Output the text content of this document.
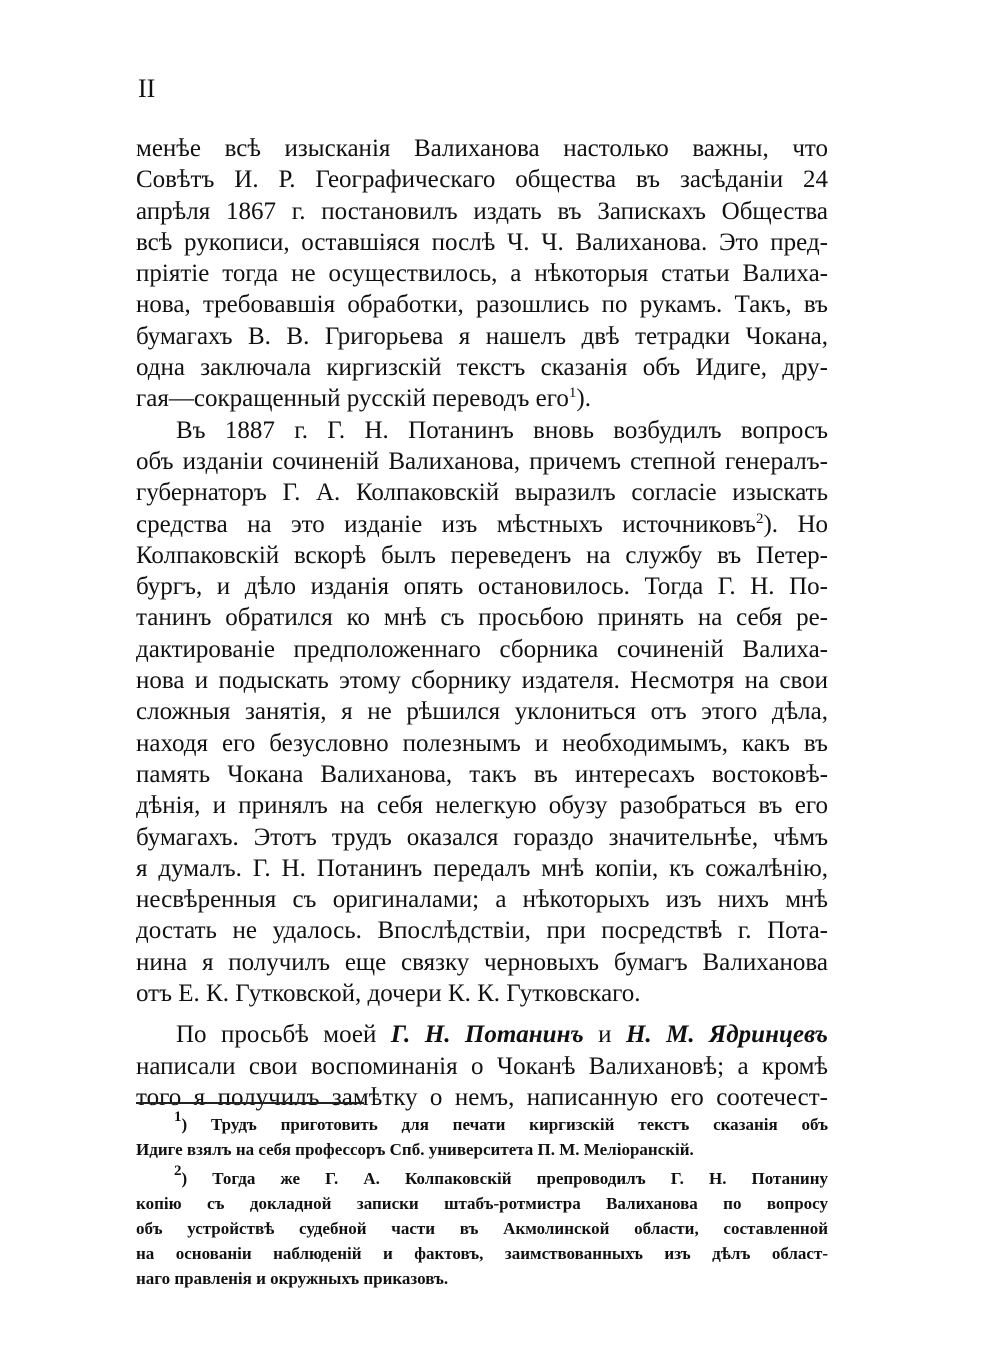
II
менѣе всѣ изысканія Валиханова настолько важны, что
Совѣтъ И. Р. Географическаго общества въ засѣданіи 24
апрѣля 1867 г. постановилъ издать въ Запискахъ Общества
всѣ рукописи, оставшіяся послѣ Ч. Ч. Валиханова. Это пред-
пріятіе тогда не осуществилось, а нѣкоторыя статьи Валиха-
нова, требовавшія обработки, разошлись по рукамъ. Такъ, въ
бумагахъ В. В. Григорьева я нашелъ двѣ тетрадки Чокана,
одна заключала киргизскій текстъ сказанія объ Идиге, дру-
гая—сокращенный русскій переводъ его$^1$).
Въ 1887 г. Г. Н. Потанинъ вновь возбудилъ вопросъ
объ изданіи сочиненій Валиханова, причемъ степной генералъ-
губернаторъ Г. А. Колпаковскій выразилъ согласіе изыскать
средства на это изданіе изъ мѣстныхъ источниковъ$^2$). Но
Колпаковскій вскорѣ былъ переведенъ на службу въ Петер-
бургъ, и дѣло изданія опять остановилось. Тогда Г. Н. По-
танинъ обратился ко мнѣ съ просьбою принять на себя ре-
дактированіе предположеннаго сборника сочиненій Валиха-
нова и подыскать этому сборнику издателя. Несмотря на свои
сложныя занятія, я не рѣшился уклониться отъ этого дѣла,
находя его безусловно полезнымъ и необходимымъ, какъ въ
память Чокана Валиханова, такъ въ интересахъ востоковѣ-
дѣнія, и принялъ на себя нелегкую обузу разобраться въ его
бумагахъ. Этотъ трудъ оказался гораздо значительнѣе, чѣмъ
я думалъ. Г. Н. Потанинъ передалъ мнѣ копіи, къ сожалѣнію,
несвѣренныя съ оригиналами; а нѣкоторыхъ изъ нихъ мнѣ
достать не удалось. Впослѣдствіи, при посредствѣ г. Пота-
нина я получилъ еще связку черновыхъ бумагъ Валиханова
отъ Е. К. Гутковской, дочери К. К. Гутковскаго.
По просьбѣ моей Г. Н. Потанинъ и Н. М. Ядринцевъ
написали свои воспоминанія о Чоканѣ Валихановѣ; а кромѣ
того я получилъ замѣтку о немъ, написанную его соотечест-
$^1$) Трудъ приготовить для печати киргизскій текстъ сказанія объ
Идиге взялъ на себя профессоръ Спб. университета П. М. Меліоранскій.
$^2$) Тогда же Г. А. Колпаковскій препроводилъ Г. Н. Потанину
копію съ докладной записки штабъ-ротмистра Валиханова по вопросу
объ устройствѣ судебной части въ Акмолинской области, составленной
на основаніи наблюденій и фактовъ, заимствованныхъ изъ дѣлъ област-
наго правленія и окружныхъ приказовъ.
